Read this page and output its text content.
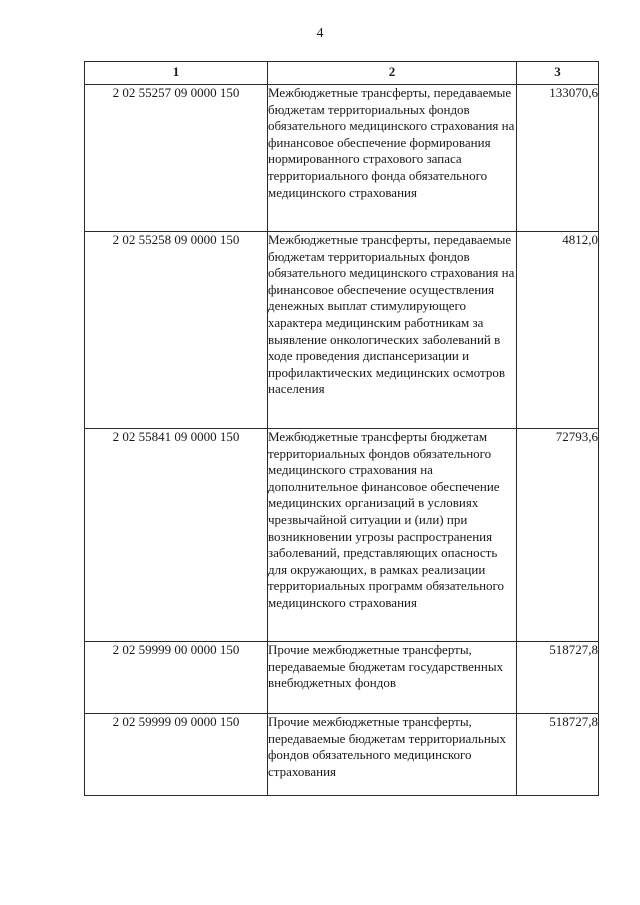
4
1	2	3
2 02 55257 09 0000 150	Межбюджетные трансферты, передаваемые бюджетам территориальных фондов обязательного медицинского страхования на финансовое обеспечение формирования нормированного страхового запаса территориального фонда обязательного медицинского страхования	133070,6
2 02 55258 09 0000 150	Межбюджетные трансферты, передаваемые бюджетам территориальных фондов обязательного медицинского страхования на финансовое обеспечение осуществления денежных выплат стимулирующего характера медицинским работникам за выявление онкологических заболеваний в ходе проведения диспансеризации и профилактических медицинских осмотров населения	4812,0
2 02 55841 09 0000 150	Межбюджетные трансферты бюджетам территориальных фондов обязательного медицинского страхования на дополнительное финансовое обеспечение медицинских организаций в условиях чрезвычайной ситуации и (или) при возникновении угрозы распространения заболеваний, представляющих опасность для окружающих, в рамках реализации территориальных программ обязательного медицинского страхования	72793,6
2 02 59999 00 0000 150	Прочие межбюджетные трансферты, передаваемые бюджетам государственных внебюджетных фондов	518727,8
2 02 59999 09 0000 150	Прочие межбюджетные трансферты, передаваемые бюджетам территориальных фондов обязательного медицинского страхования	518727,8
